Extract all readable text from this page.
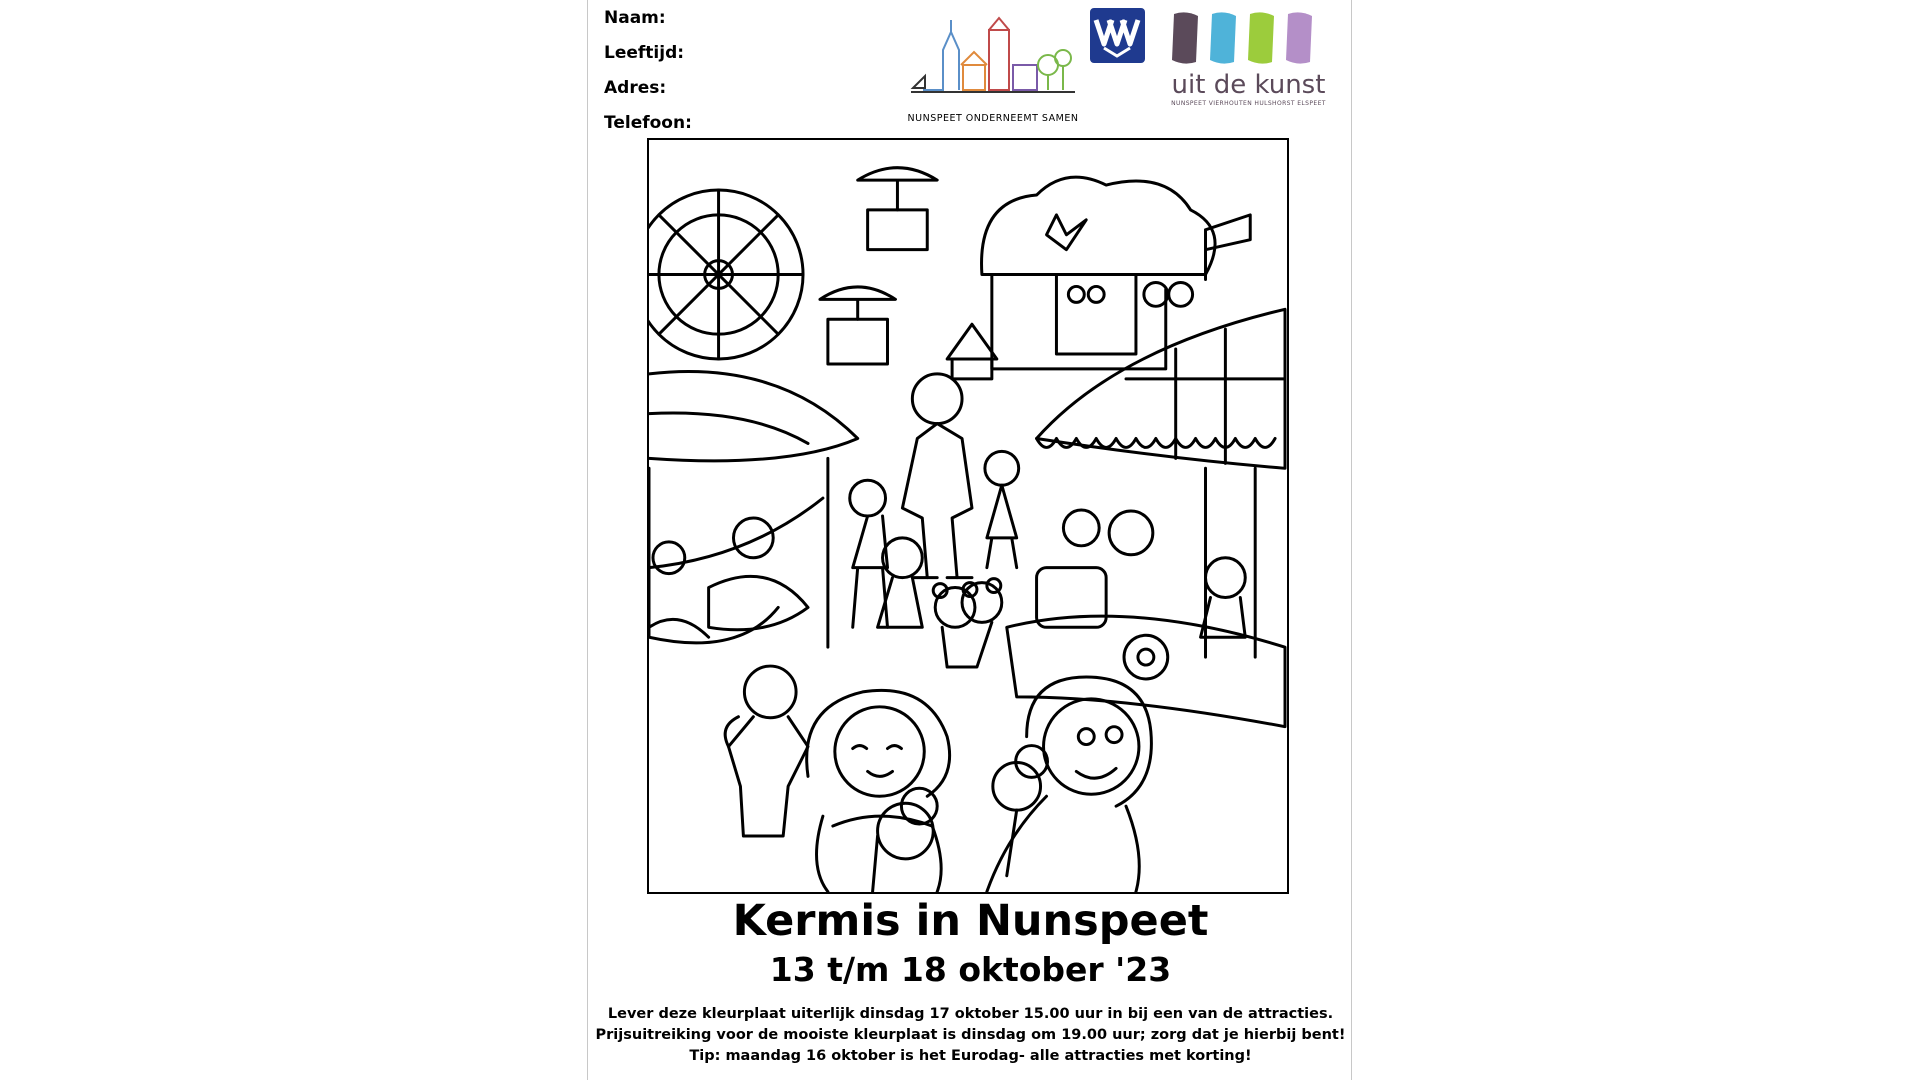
Naam:
Leeftijd:
Adres:
Telefoon:	NUNSPEET ONDERNEEMT SAMEN
uit de kunst
NUNSPEET VIERHOUTEN HULSHORST ELSPEET
Kermis in Nunspeet
13 t/m 18 oktober '23
Lever deze kleurplaat uiterlijk dinsdag 17 oktober 15.00 uur in bij een van de attracties.
Prijsuitreiking voor de mooiste kleurplaat is dinsdag om 19.00 uur; zorg dat je hierbij bent!
Tip: maandag 16 oktober is het Eurodag- alle attracties met korting!
